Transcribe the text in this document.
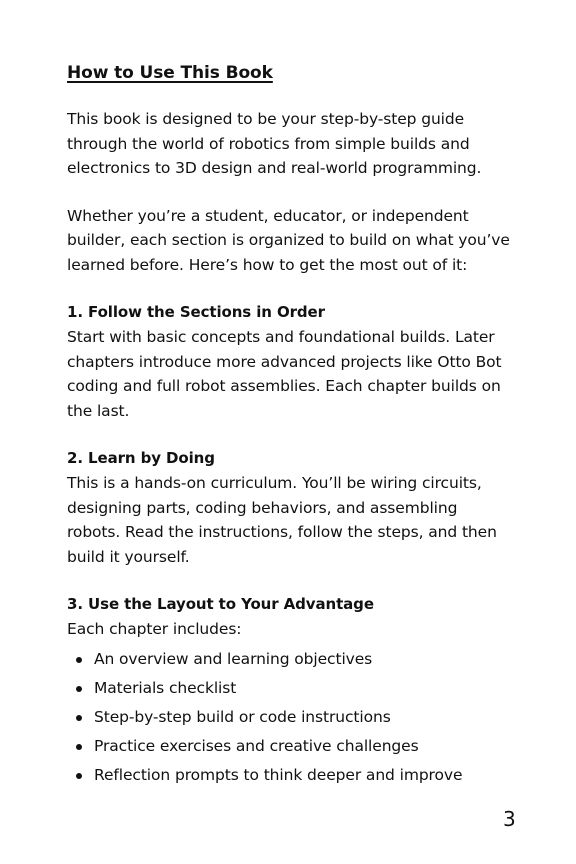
How to Use This Book

This book is designed to be your step-by-step guide through the world of robotics from simple builds and electronics to 3D design and real-world programming.

Whether you’re a student, educator, or independent builder, each section is organized to build on what you’ve learned before. Here’s how to get the most out of it:

1. Follow the Sections in Order

Start with basic concepts and foundational builds. Later chapters introduce more advanced projects like Otto Bot coding and full robot assemblies. Each chapter builds on the last.

2. Learn by Doing

This is a hands-on curriculum. You’ll be wiring circuits, designing parts, coding behaviors, and assembling robots. Read the instructions, follow the steps, and then build it yourself.

3. Use the Layout to Your Advantage

Each chapter includes:

An overview and learning objectives
Materials checklist
Step-by-step build or code instructions
Practice exercises and creative challenges
Reflection prompts to think deeper and improve
3
